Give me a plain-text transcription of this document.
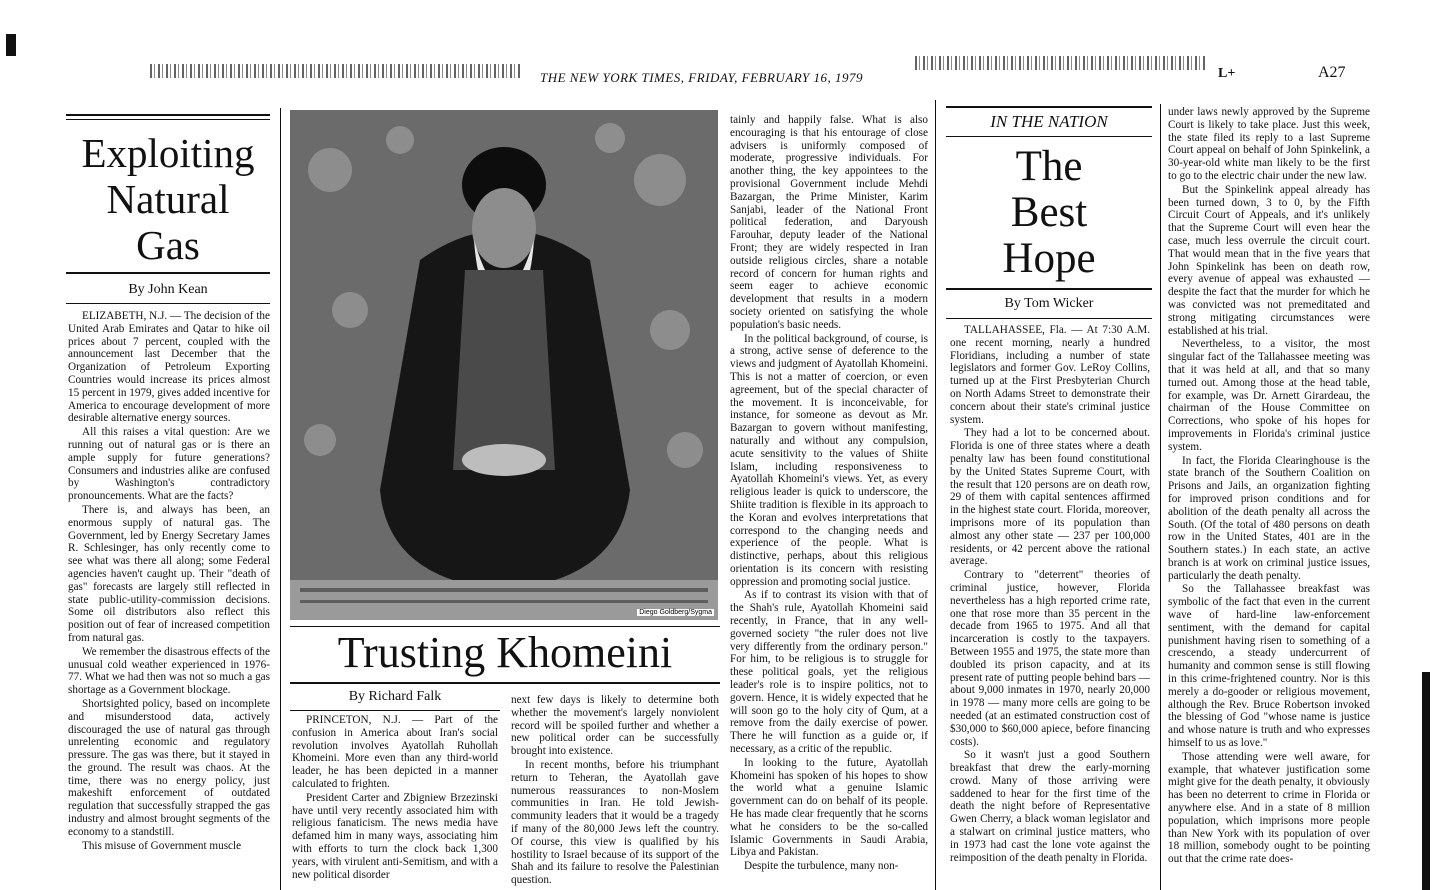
THE NEW YORK TIMES, FRIDAY, FEBRUARY 16, 1979	L+	A27
Exploiting
Natural
Gas
By John Kean

ELIZABETH, N.J. — The decision of the United Arab Emirates and Qatar to hike oil prices about 7 percent, coupled with the announcement last December that the Organization of Petroleum Exporting Countries would increase its prices almost 15 percent in 1979, gives added incentive for America to encourage development of more desirable alternative energy sources.

All this raises a vital question: Are we running out of natural gas or is there an ample supply for future generations? Consumers and industries alike are confused by Washington's contradictory pronouncements. What are the facts?

There is, and always has been, an enormous supply of natural gas. The Government, led by Energy Secretary James R. Schlesinger, has only recently come to see what was there all along; some Federal agencies haven't caught up. Their "death of gas" forecasts are largely still reflected in state public-utility-commission decisions. Some oil distributors also reflect this position out of fear of increased competition from natural gas.

We remember the disastrous effects of the unusual cold weather experienced in 1976-77. What we had then was not so much a gas shortage as a Government blockage.

Shortsighted policy, based on incomplete and misunderstood data, actively discouraged the use of natural gas through unrelenting economic and regulatory pressure. The gas was there, but it stayed in the ground. The result was chaos. At the time, there was no energy policy, just makeshift enforcement of outdated regulation that successfully strapped the gas industry and almost brought segments of the economy to a standstill.

This misuse of Government muscle

Diego Goldberg/Sygma
Trusting Khomeini
By Richard Falk

PRINCETON, N.J. — Part of the confusion in America about Iran's social revolution involves Ayatollah Ruhollah Khomeini. More even than any third-world leader, he has been depicted in a manner calculated to frighten.

President Carter and Zbigniew Brzezinski have until very recently associated him with religious fanaticism. The news media have defamed him in many ways, associating him with efforts to turn the clock back 1,300 years, with virulent anti-Semitism, and with a new political disorder

next few days is likely to determine both whether the movement's largely nonviolent record will be spoiled further and whether a new political order can be successfully brought into existence.

In recent months, before his triumphant return to Teheran, the Ayatollah gave numerous reassurances to non-Moslem communities in Iran. He told Jewish-community leaders that it would be a tragedy if many of the 80,000 Jews left the country. Of course, this view is qualified by his hostility to Israel because of its support of the Shah and its failure to resolve the Palestinian question.

tainly and happily false. What is also encouraging is that his entourage of close advisers is uniformly composed of moderate, progressive individuals. For another thing, the key appointees to the provisional Government include Mehdi Bazargan, the Prime Minister, Karim Sanjabi, leader of the National Front political federation, and Daryoush Farouhar, deputy leader of the National Front; they are widely respected in Iran outside religious circles, share a notable record of concern for human rights and seem eager to achieve economic development that results in a modern society oriented on satisfying the whole population's basic needs.

In the political background, of course, is a strong, active sense of deference to the views and judgment of Ayatollah Khomeini. This is not a matter of coercion, or even agreement, but of the special character of the movement. It is inconceivable, for instance, for someone as devout as Mr. Bazargan to govern without manifesting, naturally and without any compulsion, acute sensitivity to the values of Shiite Islam, including responsiveness to Ayatollah Khomeini's views. Yet, as every religious leader is quick to underscore, the Shiite tradition is flexible in its approach to the Koran and evolves interpretations that correspond to the changing needs and experience of the people. What is distinctive, perhaps, about this religious orientation is its concern with resisting oppression and promoting social justice.

As if to contrast its vision with that of the Shah's rule, Ayatollah Khomeini said recently, in France, that in any well-governed society "the ruler does not live very differently from the ordinary person." For him, to be religious is to struggle for these political goals, yet the religious leader's role is to inspire politics, not to govern. Hence, it is widely expected that he will soon go to the holy city of Qum, at a remove from the daily exercise of power. There he will function as a guide or, if necessary, as a critic of the republic.

In looking to the future, Ayatollah Khomeini has spoken of his hopes to show the world what a genuine Islamic government can do on behalf of its people. He has made clear frequently that he scorns what he considers to be the so-called Islamic Governments in Saudi Arabia, Libya and Pakistan.

Despite the turbulence, many non-

IN THE NATION
The
Best
Hope
By Tom Wicker

TALLAHASSEE, Fla. — At 7:30 A.M. one recent morning, nearly a hundred Floridians, including a number of state legislators and former Gov. LeRoy Collins, turned up at the First Presbyterian Church on North Adams Street to demonstrate their concern about their state's criminal justice system.

They had a lot to be concerned about. Florida is one of three states where a death penalty law has been found constitutional by the United States Supreme Court, with the result that 120 persons are on death row, 29 of them with capital sentences affirmed in the highest state court. Florida, moreover, imprisons more of its population than almost any other state — 237 per 100,000 residents, or 42 percent above the rational average.

Contrary to "deterrent" theories of criminal justice, however, Florida nevertheless has a high reported crime rate, one that rose more than 35 percent in the decade from 1965 to 1975. And all that incarceration is costly to the taxpayers. Between 1955 and 1975, the state more than doubled its prison capacity, and at its present rate of putting people behind bars — about 9,000 inmates in 1970, nearly 20,000 in 1978 — many more cells are going to be needed (at an estimated construction cost of $30,000 to $60,000 apiece, before financing costs).

So it wasn't just a good Southern breakfast that drew the early-morning crowd. Many of those arriving were saddened to hear for the first time of the death the night before of Representative Gwen Cherry, a black woman legislator and a stalwart on criminal justice matters, who in 1973 had cast the lone vote against the reimposition of the death penalty in Florida.

under laws newly approved by the Supreme Court is likely to take place. Just this week, the state filed its reply to a last Supreme Court appeal on behalf of John Spinkelink, a 30-year-old white man likely to be the first to go to the electric chair under the new law.

But the Spinkelink appeal already has been turned down, 3 to 0, by the Fifth Circuit Court of Appeals, and it's unlikely that the Supreme Court will even hear the case, much less overrule the circuit court. That would mean that in the five years that John Spinkelink has been on death row, every avenue of appeal was exhausted — despite the fact that the murder for which he was convicted was not premeditated and strong mitigating circumstances were established at his trial.

Nevertheless, to a visitor, the most singular fact of the Tallahassee meeting was that it was held at all, and that so many turned out. Among those at the head table, for example, was Dr. Arnett Girardeau, the chairman of the House Committee on Corrections, who spoke of his hopes for improvements in Florida's criminal justice system.

In fact, the Florida Clearinghouse is the state branch of the Southern Coalition on Prisons and Jails, an organization fighting for improved prison conditions and for abolition of the death penalty all across the South. (Of the total of 480 persons on death row in the United States, 401 are in the Southern states.) In each state, an active branch is at work on criminal justice issues, particularly the death penalty.

So the Tallahassee breakfast was symbolic of the fact that even in the current wave of hard-line law-enforcement sentiment, with the demand for capital punishment having risen to something of a crescendo, a steady undercurrent of humanity and common sense is still flowing in this crime-frightened country. Nor is this merely a do-gooder or religious movement, although the Rev. Bruce Robertson invoked the blessing of God "whose name is justice and whose nature is truth and who expresses himself to us as love."

Those attending were well aware, for example, that whatever justification some might give for the death penalty, it obviously has been no deterrent to crime in Florida or anywhere else. And in a state of 8 million population, which imprisons more people than New York with its population of over 18 million, somebody ought to be pointing out that the crime rate does-
